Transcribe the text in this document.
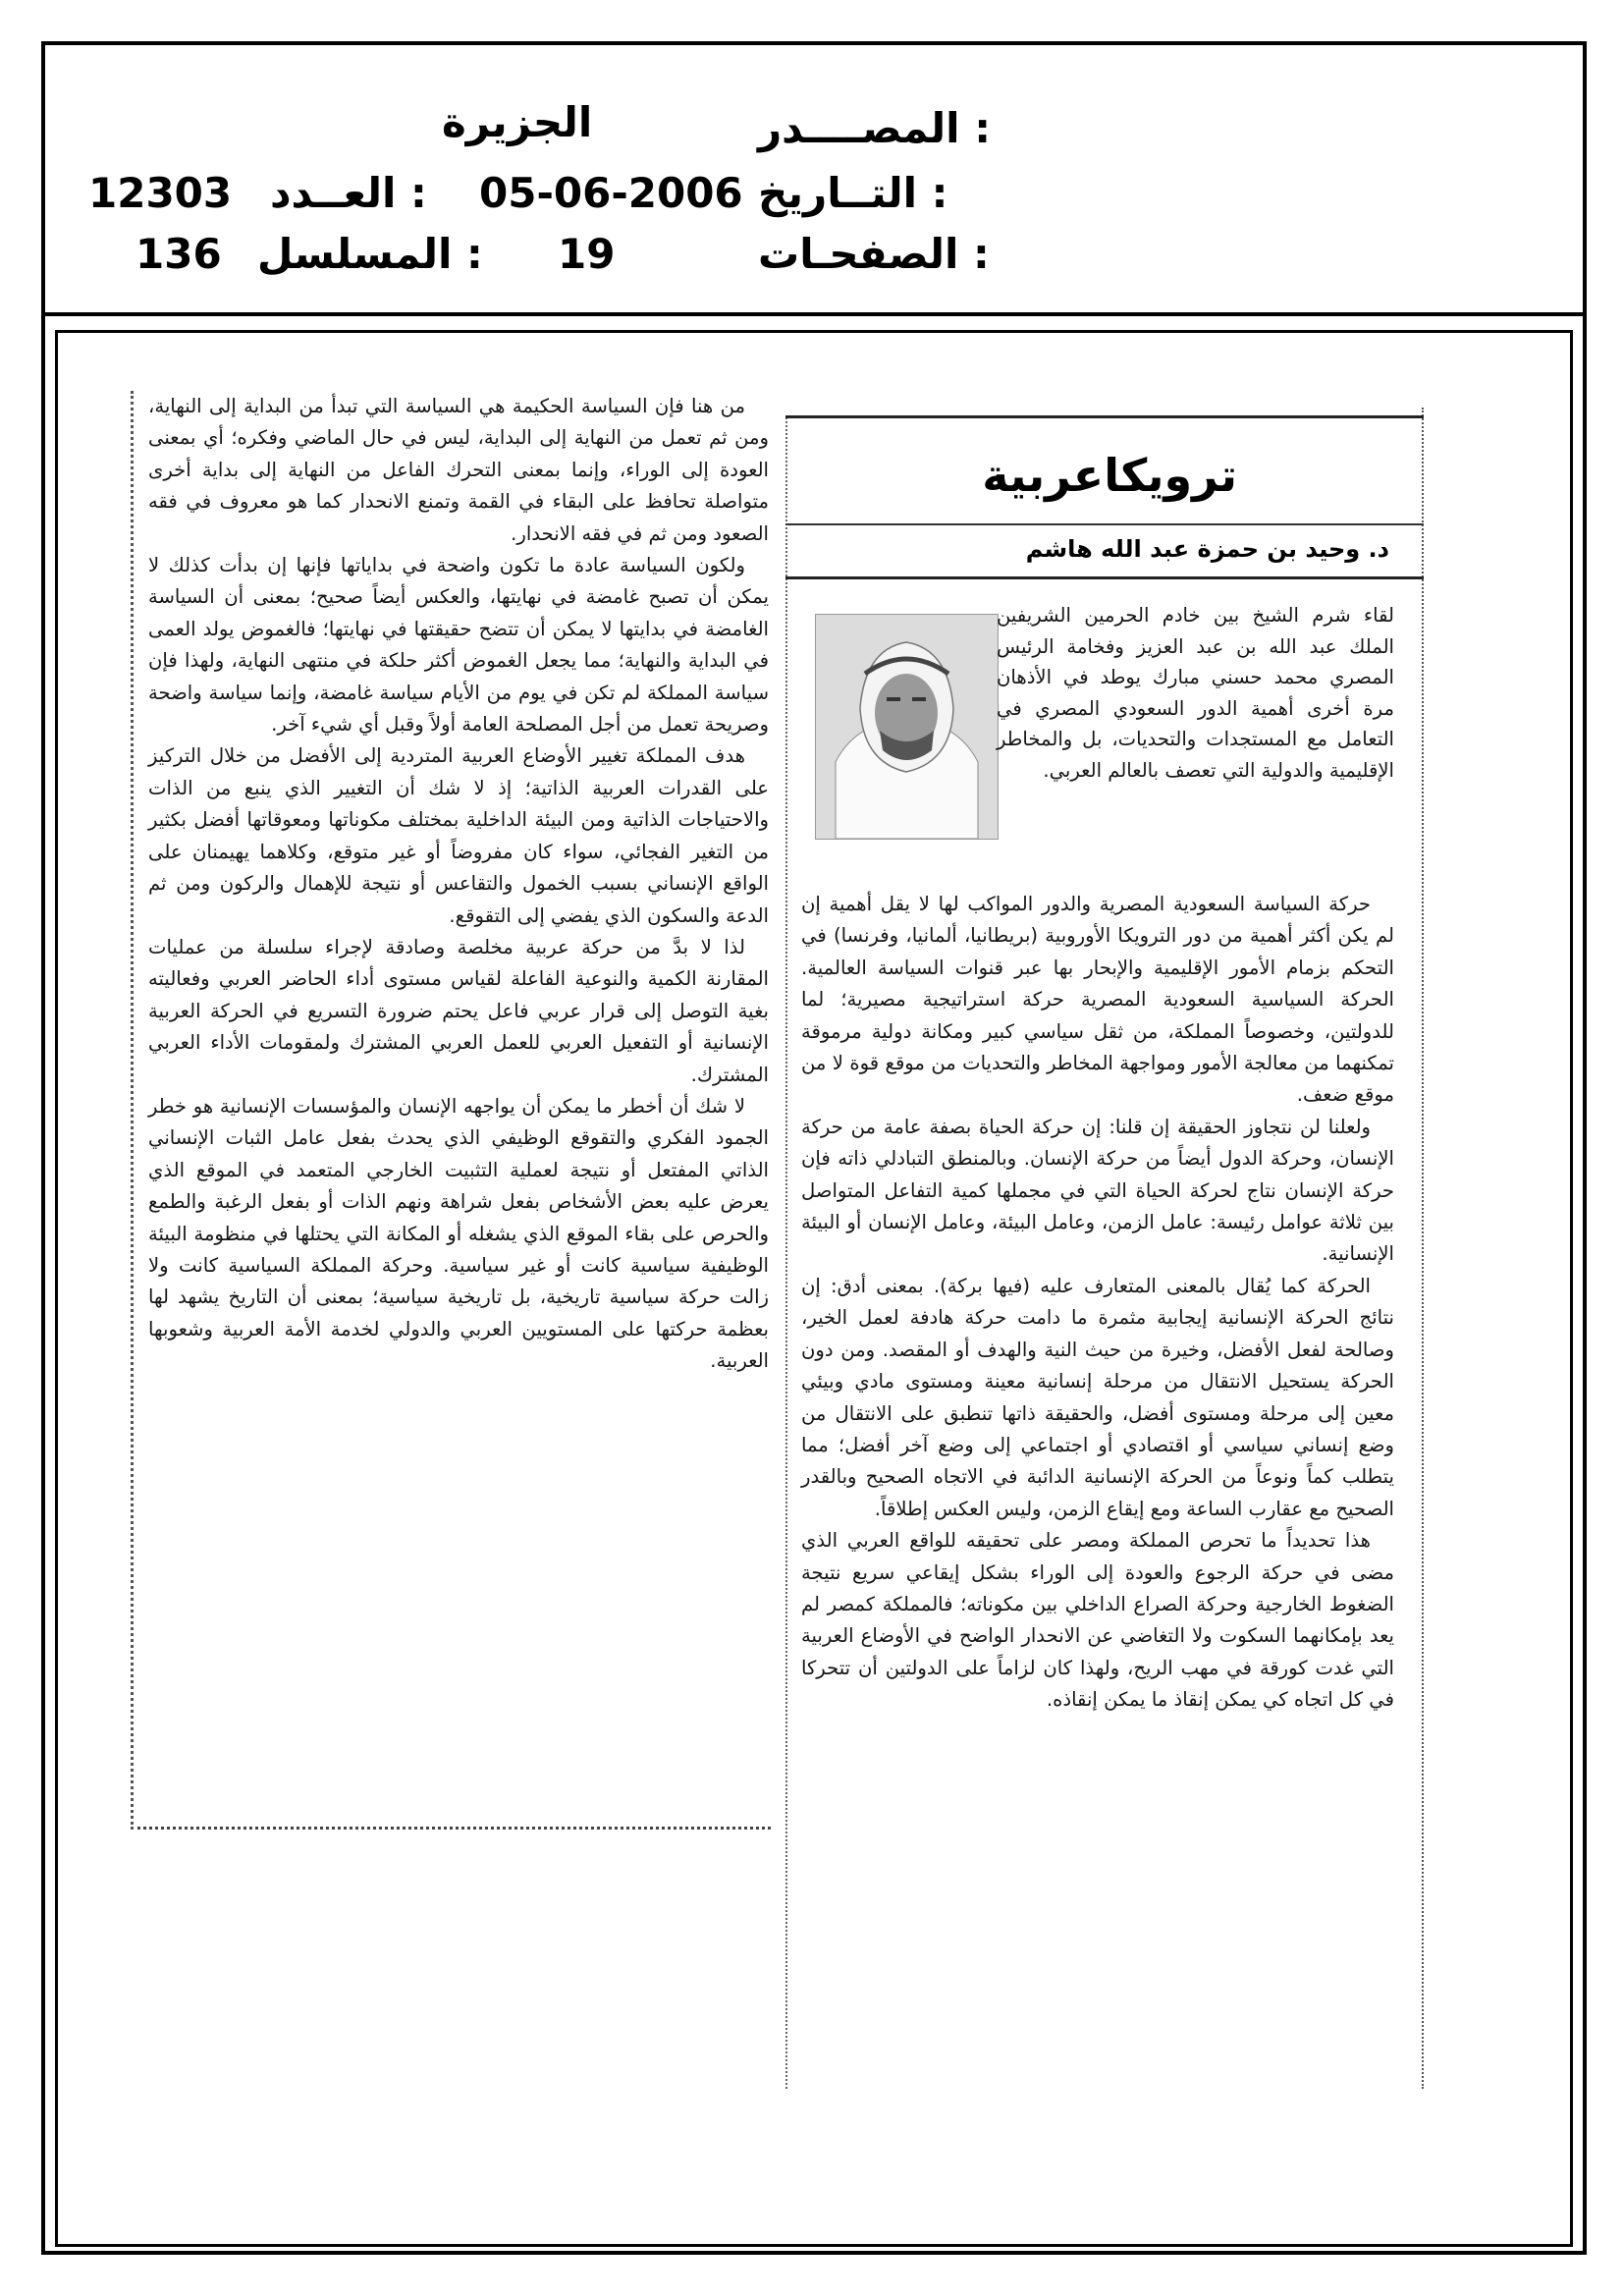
المصــــدر :
الجزيرة
التــاريخ :
05-06-2006
العــدد :
12303
الصفحـات :
19
المسلسل :
136
ترويكاعربية
د. وحيد بن حمزة عبد الله هاشم
لقاء شرم الشيخ بين خادم الحرمين الشريفين الملك عبد الله بن عبد العزيز وفخامة الرئيس المصري محمد حسني مبارك يوطد في الأذهان مرة أخرى أهمية الدور السعودي المصري في التعامل مع المستجدات والتحديات، بل والمخاطر الإقليمية والدولية التي تعصف بالعالم العربي.

حركة السياسة السعودية المصرية والدور المواكب لها لا يقل أهمية إن لم يكن أكثر أهمية من دور الترويكا الأوروبية (بريطانيا، ألمانيا، وفرنسا) في التحكم بزمام الأمور الإقليمية والإبحار بها عبر قنوات السياسة العالمية. الحركة السياسية السعودية المصرية حركة استراتيجية مصيرية؛ لما للدولتين، وخصوصاً المملكة، من ثقل سياسي كبير ومكانة دولية مرموقة تمكنهما من معالجة الأمور ومواجهة المخاطر والتحديات من موقع قوة لا من موقع ضعف.

ولعلنا لن نتجاوز الحقيقة إن قلنا: إن حركة الحياة بصفة عامة من حركة الإنسان، وحركة الدول أيضاً من حركة الإنسان. وبالمنطق التبادلي ذاته فإن حركة الإنسان نتاج لحركة الحياة التي في مجملها كمية التفاعل المتواصل بين ثلاثة عوامل رئيسة: عامل الزمن، وعامل البيئة، وعامل الإنسان أو البيئة الإنسانية.

الحركة كما يُقال بالمعنى المتعارف عليه (فيها بركة). بمعنى أدق: إن نتائج الحركة الإنسانية إيجابية مثمرة ما دامت حركة هادفة لعمل الخير، وصالحة لفعل الأفضل، وخيرة من حيث النية والهدف أو المقصد. ومن دون الحركة يستحيل الانتقال من مرحلة إنسانية معينة ومستوى مادي وبيئي معين إلى مرحلة ومستوى أفضل، والحقيقة ذاتها تنطبق على الانتقال من وضع إنساني سياسي أو اقتصادي أو اجتماعي إلى وضع آخر أفضل؛ مما يتطلب كماً ونوعاً من الحركة الإنسانية الدائبة في الاتجاه الصحيح وبالقدر الصحيح مع عقارب الساعة ومع إيقاع الزمن، وليس العكس إطلاقاً.

هذا تحديداً ما تحرص المملكة ومصر على تحقيقه للواقع العربي الذي مضى في حركة الرجوع والعودة إلى الوراء بشكل إيقاعي سريع نتيجة الضغوط الخارجية وحركة الصراع الداخلي بين مكوناته؛ فالمملكة كمصر لم يعد بإمكانهما السكوت ولا التغاضي عن الانحدار الواضح في الأوضاع العربية التي غدت كورقة في مهب الريح، ولهذا كان لزاماً على الدولتين أن تتحركا في كل اتجاه كي يمكن إنقاذ ما يمكن إنقاذه.

من هنا فإن السياسة الحكيمة هي السياسة التي تبدأ من البداية إلى النهاية، ومن ثم تعمل من النهاية إلى البداية، ليس في حال الماضي وفكره؛ أي بمعنى العودة إلى الوراء، وإنما بمعنى التحرك الفاعل من النهاية إلى بداية أخرى متواصلة تحافظ على البقاء في القمة وتمنع الانحدار كما هو معروف في فقه الصعود ومن ثم في فقه الانحدار.

ولكون السياسة عادة ما تكون واضحة في بداياتها فإنها إن بدأت كذلك لا يمكن أن تصبح غامضة في نهايتها، والعكس أيضاً صحيح؛ بمعنى أن السياسة الغامضة في بدايتها لا يمكن أن تتضح حقيقتها في نهايتها؛ فالغموض يولد العمى في البداية والنهاية؛ مما يجعل الغموض أكثر حلكة في منتهى النهاية، ولهذا فإن سياسة المملكة لم تكن في يوم من الأيام سياسة غامضة، وإنما سياسة واضحة وصريحة تعمل من أجل المصلحة العامة أولاً وقبل أي شيء آخر.

هدف المملكة تغيير الأوضاع العربية المتردية إلى الأفضل من خلال التركيز على القدرات العربية الذاتية؛ إذ لا شك أن التغيير الذي ينبع من الذات والاحتياجات الذاتية ومن البيئة الداخلية بمختلف مكوناتها ومعوقاتها أفضل بكثير من التغير الفجائي، سواء كان مفروضاً أو غير متوقع، وكلاهما يهيمنان على الواقع الإنساني بسبب الخمول والتقاعس أو نتيجة للإهمال والركون ومن ثم الدعة والسكون الذي يفضي إلى التقوقع.

لذا لا بدَّ من حركة عربية مخلصة وصادقة لإجراء سلسلة من عمليات المقارنة الكمية والنوعية الفاعلة لقياس مستوى أداء الحاضر العربي وفعاليته بغية التوصل إلى قرار عربي فاعل يحتم ضرورة التسريع في الحركة العربية الإنسانية أو التفعيل العربي للعمل العربي المشترك ولمقومات الأداء العربي المشترك.

لا شك أن أخطر ما يمكن أن يواجهه الإنسان والمؤسسات الإنسانية هو خطر الجمود الفكري والتقوقع الوظيفي الذي يحدث بفعل عامل الثبات الإنساني الذاتي المفتعل أو نتيجة لعملية التثبيت الخارجي المتعمد في الموقع الذي يعرض عليه بعض الأشخاص بفعل شراهة ونهم الذات أو بفعل الرغبة والطمع والحرص على بقاء الموقع الذي يشغله أو المكانة التي يحتلها في منظومة البيئة الوظيفية سياسية كانت أو غير سياسية. وحركة المملكة السياسية كانت ولا زالت حركة سياسية تاريخية، بل تاريخية سياسية؛ بمعنى أن التاريخ يشهد لها بعظمة حركتها على المستويين العربي والدولي لخدمة الأمة العربية وشعوبها العربية.
